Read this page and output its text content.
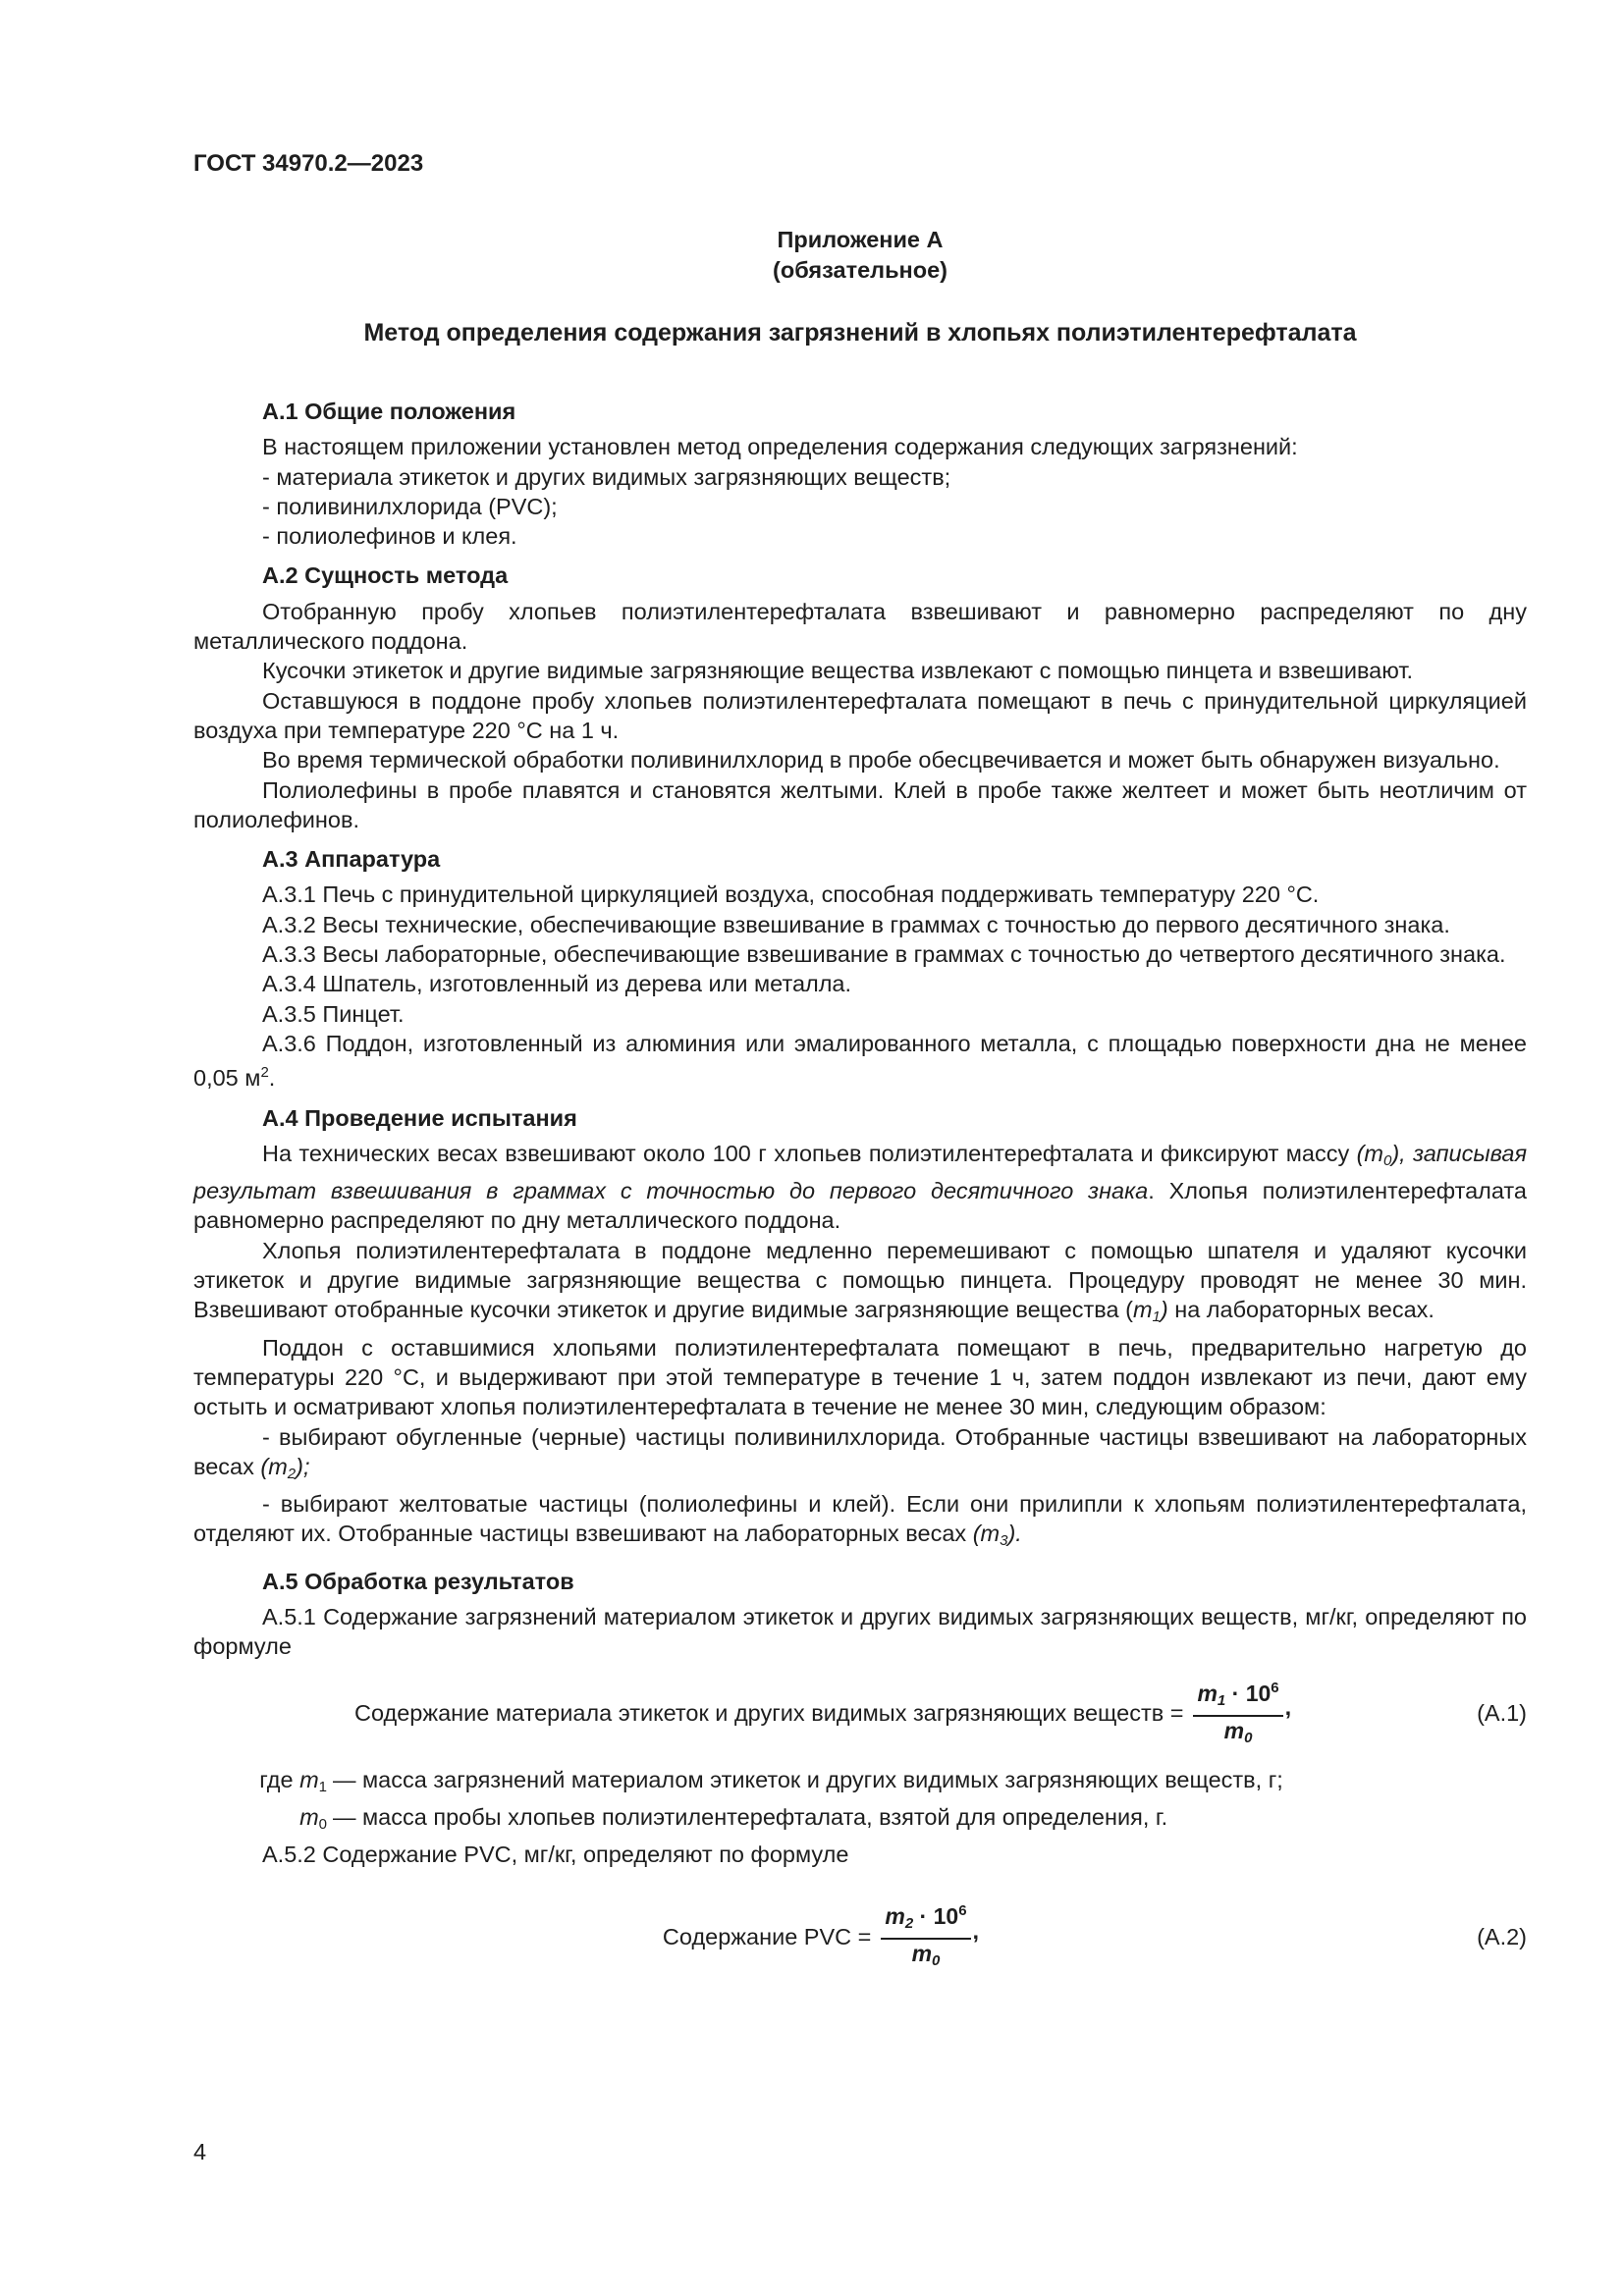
ГОСТ 34970.2—2023

Приложение А
(обязательное)

Метод определения содержания загрязнений в хлопьях полиэтилентерефталата

А.1 Общие положения

В настоящем приложении установлен метод определения содержания следующих загрязнений:

- материала этикеток и других видимых загрязняющих веществ;

- поливинилхлорида (PVC);

- полиолефинов и клея.

А.2 Сущность метода

Отобранную пробу хлопьев полиэтилентерефталата взвешивают и равномерно распределяют по дну металлического поддона.

Кусочки этикеток и другие видимые загрязняющие вещества извлекают с помощью пинцета и взвешивают.

Оставшуюся в поддоне пробу хлопьев полиэтилентерефталата помещают в печь с принудительной циркуляцией воздуха при температуре 220 °С на 1 ч.

Во время термической обработки поливинилхлорид в пробе обесцвечивается и может быть обнаружен визуально.

Полиолефины в пробе плавятся и становятся желтыми. Клей в пробе также желтеет и может быть неотличим от полиолефинов.

А.3 Аппаратура

А.3.1 Печь с принудительной циркуляцией воздуха, способная поддерживать температуру 220 °С.

А.3.2 Весы технические, обеспечивающие взвешивание в граммах с точностью до первого десятичного знака.

А.3.3 Весы лабораторные, обеспечивающие взвешивание в граммах с точностью до четвертого десятичного знака.

А.3.4 Шпатель, изготовленный из дерева или металла.

А.3.5 Пинцет.

А.3.6 Поддон, изготовленный из алюминия или эмалированного металла, с площадью поверхности дна не менее 0,05 $м^2$.

А.4 Проведение испытания

На технических весах взвешивают около 100 г хлопьев полиэтилентерефталата и фиксируют массу $(m_0)$, записывая результат взвешивания в граммах с точностью до первого десятичного знака. Хлопья полиэтилентерефталата равномерно распределяют по дну металлического поддона.

Хлопья полиэтилентерефталата в поддоне медленно перемешивают с помощью шпателя и удаляют кусочки этикеток и другие видимые загрязняющие вещества с помощью пинцета. Процедуру проводят не менее 30 мин. Взвешивают отобранные кусочки этикеток и другие видимые загрязняющие вещества $(m_1)$ на лабораторных весах.

Поддон с оставшимися хлопьями полиэтилентерефталата помещают в печь, предварительно нагретую до температуры 220 °С, и выдерживают при этой температуре в течение 1 ч, затем поддон извлекают из печи, дают ему остыть и осматривают хлопья полиэтилентерефталата в течение не менее 30 мин, следующим образом:

- выбирают обугленные (черные) частицы поливинилхлорида. Отобранные частицы взвешивают на лабораторных весах $(m_2)$;

- выбирают желтоватые частицы (полиолефины и клей). Если они прилипли к хлопьям полиэтилентерефталата, отделяют их. Отобранные частицы взвешивают на лабораторных весах $(m_3)$.

А.5 Обработка результатов

А.5.1 Содержание загрязнений материалом этикеток и других видимых загрязняющих веществ, мг/кг, определяют по формуле

Содержание материала этикеток и других видимых загрязняющих веществ = $\frac{m_1 \cdot 10^6}{m_0}$ ,	(А.1)
где $m_1$ — масса загрязнений материалом этикеток и других видимых загрязняющих веществ, г;
$m_0$ — масса пробы хлопьев полиэтилентерефталата, взятой для определения, г.

А.5.2 Содержание PVC, мг/кг, определяют по формуле

Содержание PVC = $\frac{m_2 \cdot 10^6}{m_0}$ ,	(А.2)

4
